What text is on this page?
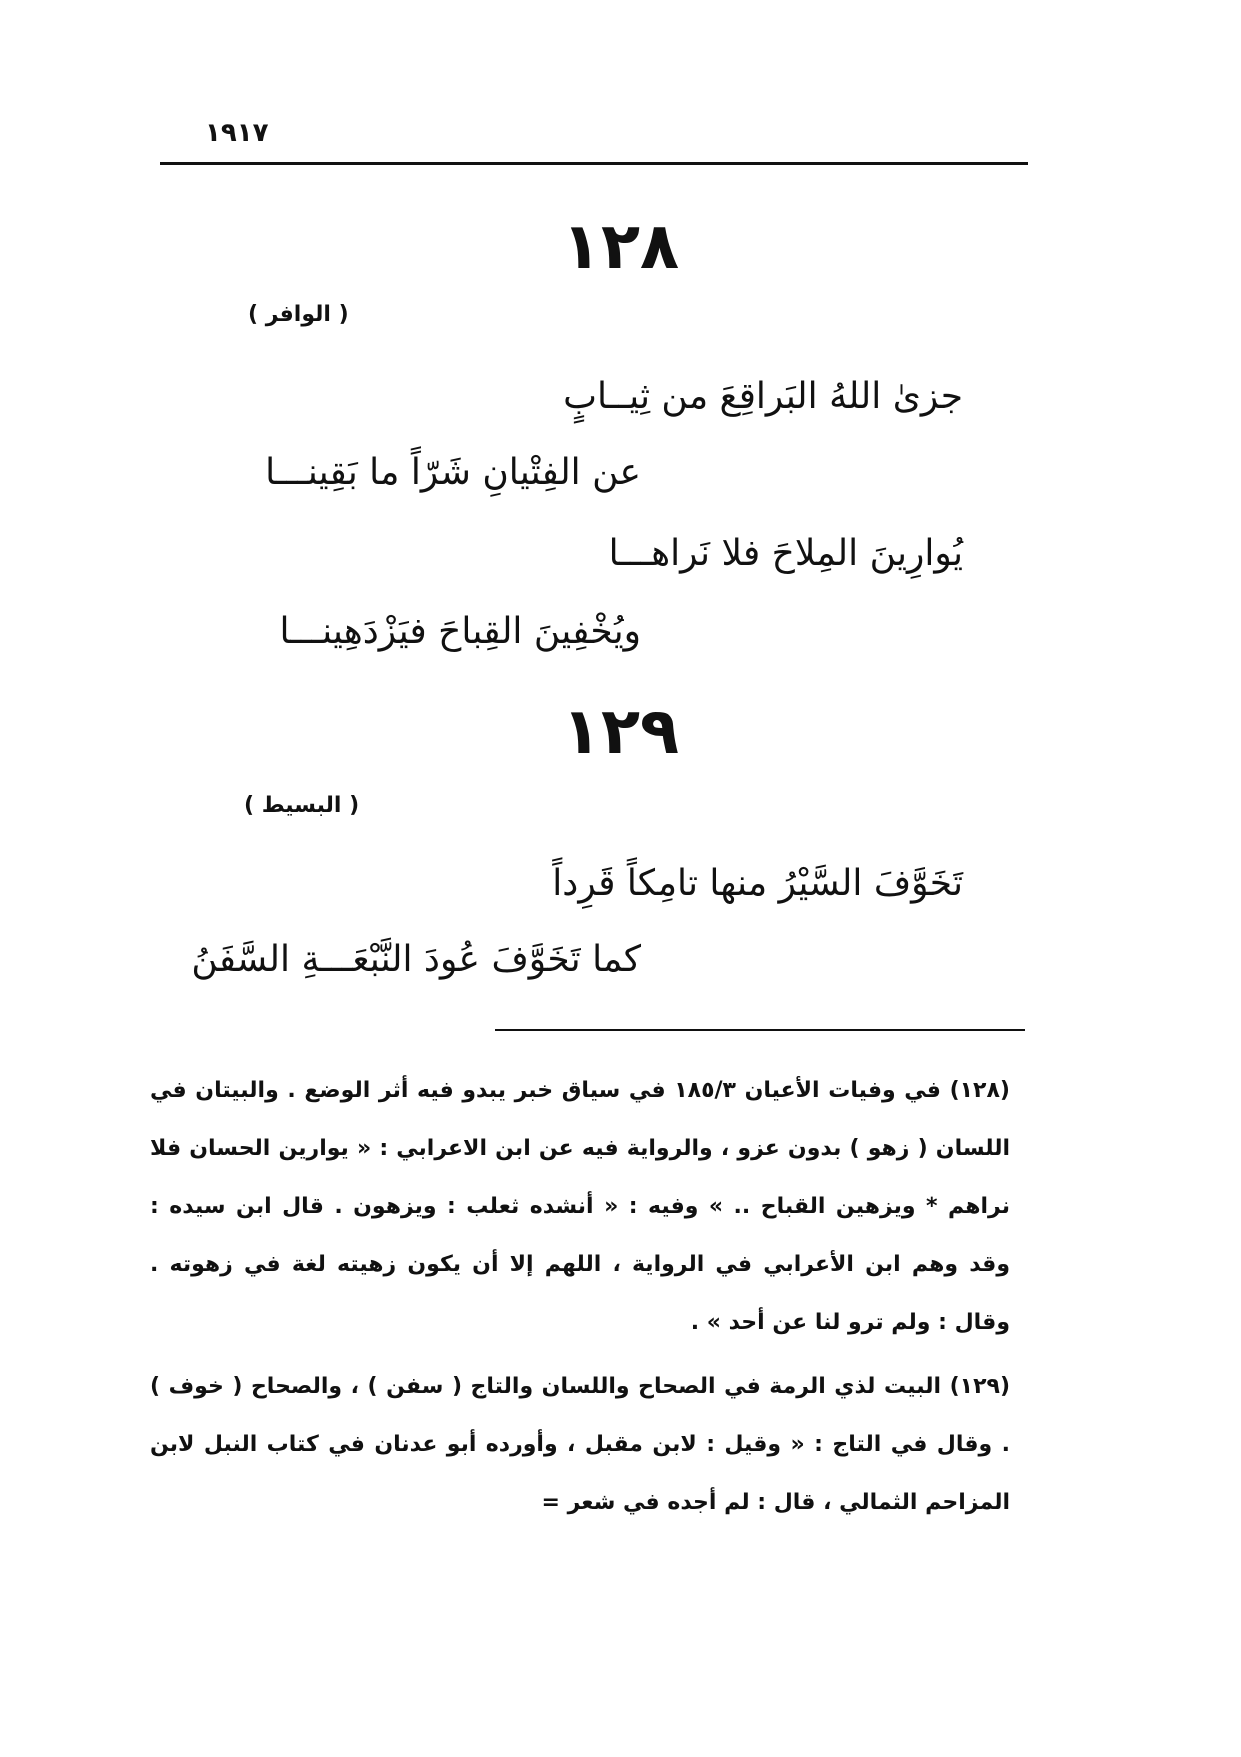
١٩١٧
١٢٨
( الوافر )
جزىٰ اللهُ البَراقِعَ من ثِيــابٍ
عن الفِتْيانِ شَرّاً ما بَقِينـــا
يُوارِينَ المِلاحَ فلا نَراهـــا
ويُخْفِينَ القِباحَ فيَزْدَهِينـــا
١٢٩
( البسيط )
تَخَوَّفَ السَّيْرُ منها تامِكاً قَرِداً
كما تَخَوَّفَ عُودَ النَّبْعَـــةِ السَّفَنُ

(١٢٨) في وفيات الأعيان ١٨٥/٣ في سياق خبر يبدو فيه أثر الوضع . والبيتان في اللسان ( زهو ) بدون عزو ، والرواية فيه عن ابن الاعرابي : « يوارين الحسان فلا نراهم * ويزهين القباح .. » وفيه : « أنشده ثعلب : ويزهون . قال ابن سيده : وقد وهم ابن الأعرابي في الرواية ، اللهم إلا أن يكون زهيته لغة في زهوته . وقال : ولم ترو لنا عن أحد » .

(١٢٩) البيت لذي الرمة في الصحاح واللسان والتاج ( سفن ) ، والصحاح ( خوف ) . وقال في التاج : « وقيل : لابن مقبل ، وأورده أبو عدنان في كتاب النبل لابن المزاحم الثمالي ، قال : لم أجده في شعر =
